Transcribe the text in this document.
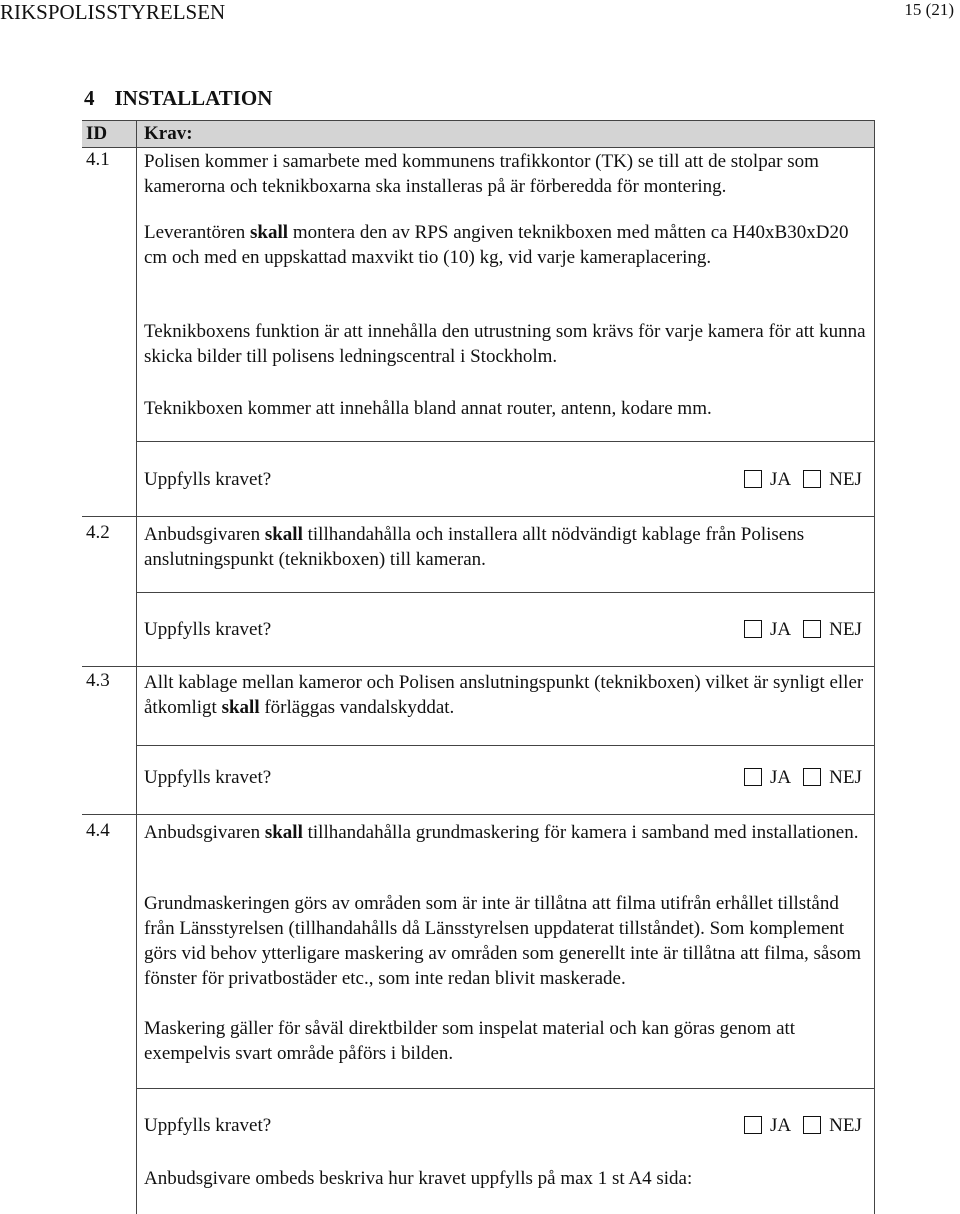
RIKSPOLISSTYRELSEN	15 (21)
4 INSTALLATION
ID Krav:
4.1 Polisen kommer i samarbete med kommunens trafikkontor (TK) se till att de stolpar som kamerorna och teknikboxarna ska installeras på är förberedda för montering.
Leverantören skall montera den av RPS angiven teknikboxen med måtten ca H40xB30xD20 cm och med en uppskattad maxvikt tio (10) kg, vid varje kameraplacering.
Teknikboxens funktion är att innehålla den utrustning som krävs för varje kamera för att kunna skicka bilder till polisens ledningscentral i Stockholm.
Teknikboxen kommer att innehålla bland annat router, antenn, kodare mm.
Uppfylls kravet?	JA NEJ
4.2 Anbudsgivaren skall tillhandahålla och installera allt nödvändigt kablage från Polisens anslutningspunkt (teknikboxen) till kameran.
Uppfylls kravet?	JA NEJ
4.3 Allt kablage mellan kameror och Polisen anslutningspunkt (teknikboxen) vilket är synligt eller åtkomligt skall förläggas vandalskyddat.
Uppfylls kravet?	JA NEJ
4.4 Anbudsgivaren skall tillhandahålla grundmaskering för kamera i samband med installationen.
Grundmaskeringen görs av områden som är inte är tillåtna att filma utifrån erhållet tillstånd från Länsstyrelsen (tillhandahålls då Länsstyrelsen uppdaterat tillståndet). Som komplement görs vid behov ytterligare maskering av områden som generellt inte är tillåtna att filma, såsom fönster för privatbostäder etc., som inte redan blivit maskerade.
Maskering gäller för såväl direktbilder som inspelat material och kan göras genom att exempelvis svart område påförs i bilden.
Uppfylls kravet?	JA NEJ
Anbudsgivare ombeds beskriva hur kravet uppfylls på max 1 st A4 sida:
